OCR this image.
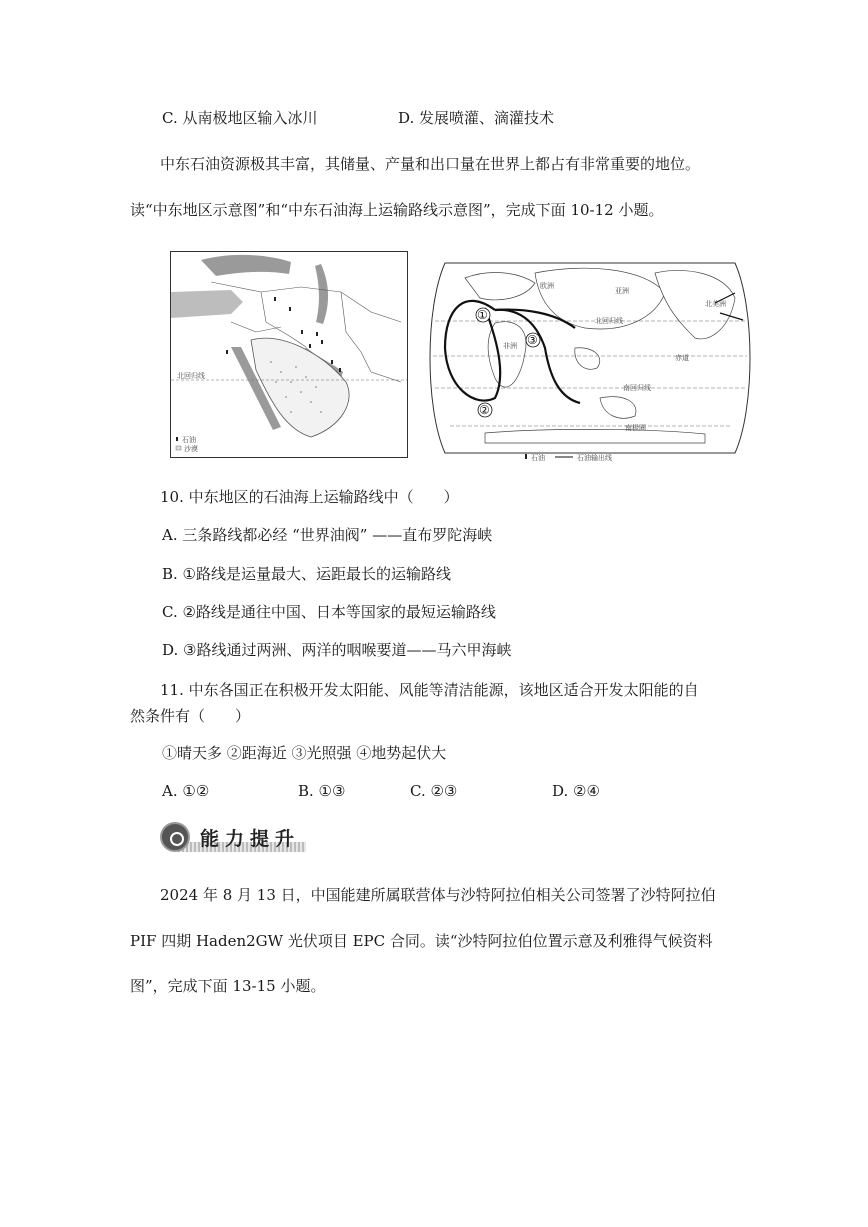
C. 从南极地区输入冰川	D. 发展喷灌、滴灌技术
中东石油资源极其丰富，其储量、产量和出口量在世界上都占有非常重要的地位。
读“中东地区示意图”和“中东石油海上运输路线示意图”，完成下面 10-12 小题。
北回归线
石油
沙漠
欧洲
亚洲
北美洲
北回归线
赤道
南回归线
南极圈
非洲
①
②
③
石油	石油输出线
10. 中东地区的石油海上运输路线中（　　）
A. 三条路线都必经 “世界油阀” ——直布罗陀海峡
B. ①路线是运量最大、运距最长的运输路线
C. ②路线是通往中国、日本等国家的最短运输路线
D. ③路线通过两洲、两洋的咽喉要道——马六甲海峡
11. 中东各国正在积极开发太阳能、风能等清洁能源，该地区适合开发太阳能的自
然条件有（　　）
①晴天多 ②距海近 ③光照强 ④地势起伏大
A. ①②	B. ①③	C. ②③	D. ②④
能力提升
2024 年 8 月 13 日，中国能建所属联营体与沙特阿拉伯相关公司签署了沙特阿拉伯
PIF 四期 Haden2GW 光伏项目 EPC 合同。读“沙特阿拉伯位置示意及利雅得气候资料
图”，完成下面 13-15 小题。
